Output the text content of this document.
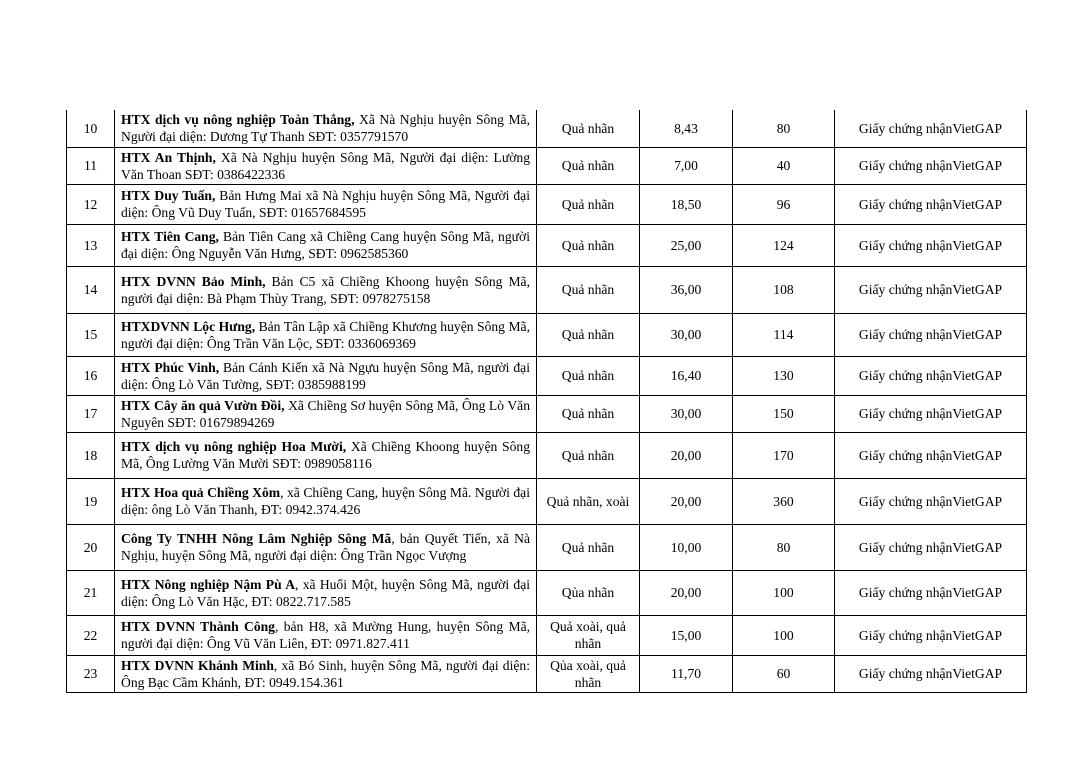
10	HTX dịch vụ nông nghiệp Toàn Thắng, Xã Nà Nghịu huyện Sông Mã, Người đại diện: Dương Tự Thanh SĐT: 0357791570	Quả nhãn	8,43	80	Giấy chứng nhậnVietGAP
11	HTX An Thịnh, Xã Nà Nghịu huyện Sông Mã, Người đại diện: Lường Văn Thoan SĐT: 0386422336	Quả nhãn	7,00	40	Giấy chứng nhậnVietGAP
12	HTX Duy Tuấn, Bản Hưng Mai xã Nà Nghịu huyện Sông Mã, Người đại diện: Ông Vũ Duy Tuấn, SĐT: 01657684595	Quả nhãn	18,50	96	Giấy chứng nhậnVietGAP
13	HTX Tiên Cang, Bản Tiên Cang xã Chiềng Cang huyện Sông Mã, người đại diện: Ông Nguyễn Văn Hưng, SĐT: 0962585360	Quả nhãn	25,00	124	Giấy chứng nhậnVietGAP
14	HTX DVNN Bảo Minh, Bản C5 xã Chiềng Khoong huyện Sông Mã, người đại diện: Bà Phạm Thùy Trang, SĐT: 0978275158	Quả nhãn	36,00	108	Giấy chứng nhậnVietGAP
15	HTXDVNN Lộc Hưng, Bản Tân Lập xã Chiềng Khương huyện Sông Mã, người đại diện: Ông Trần Văn Lộc, SĐT: 0336069369	Quả nhãn	30,00	114	Giấy chứng nhậnVietGAP
16	HTX Phúc Vinh, Bản Cánh Kiến xã Nà Ngựu huyện Sông Mã, người đại diện: Ông Lò Văn Tường, SĐT: 0385988199	Quả nhãn	16,40	130	Giấy chứng nhậnVietGAP
17	HTX Cây ăn quả Vườn Đồi, Xã Chiềng Sơ huyện Sông Mã, Ông Lò Văn Nguyên SĐT: 01679894269	Quả nhãn	30,00	150	Giấy chứng nhậnVietGAP
18	HTX dịch vụ nông nghiệp Hoa Mười, Xã Chiềng Khoong huyện Sông Mã, Ông Lường Văn Mười SĐT: 0989058116	Quả nhãn	20,00	170	Giấy chứng nhậnVietGAP
19	HTX Hoa quả Chiềng Xôm, xã Chiềng Cang, huyện Sông Mã. Người đại diện: ông Lò Văn Thanh, ĐT: 0942.374.426	Quả nhãn, xoài	20,00	360	Giấy chứng nhậnVietGAP
20	Công Ty TNHH Nông Lâm Nghiệp Sông Mã, bản Quyết Tiến, xã Nà Nghịu, huyện Sông Mã, người đại diện: Ông Trần Ngọc Vượng	Quả nhãn	10,00	80	Giấy chứng nhậnVietGAP
21	HTX Nông nghiệp Nậm Pù A, xã Huổi Một, huyện Sông Mã, người đại diện: Ông Lò Văn Hặc, ĐT: 0822.717.585	Qủa nhãn	20,00	100	Giấy chứng nhậnVietGAP
22	HTX DVNN Thành Công, bản H8, xã Mường Hung, huyện Sông Mã, người đại diện: Ông Vũ Văn Liên, ĐT: 0971.827.411	Quả xoài, quả nhãn	15,00	100	Giấy chứng nhậnVietGAP
23	HTX DVNN Khánh Minh, xã Bó Sinh, huyện Sông Mã, người đại diện: Ông Bạc Cầm Khánh, ĐT: 0949.154.361	Qủa xoài, quả nhãn	11,70	60	Giấy chứng nhậnVietGAP
